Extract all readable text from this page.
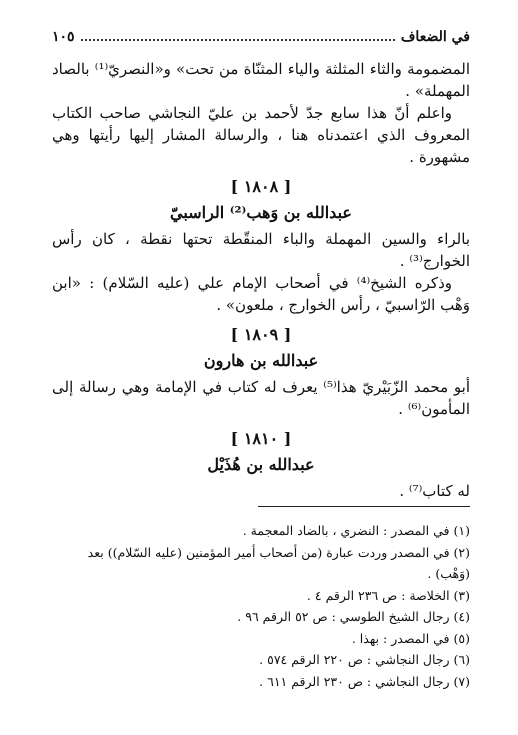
في الضعاف
١٠٥

المضمومة والثاء المثلثة والياء المثنّاة من تحت» و«النصريّ⁽¹⁾ بالصاد المهملة» .

واعلم أنّ هذا سابع جدّ لأحمد بن عليّ النجاشي صاحب الكتاب المعروف الذي اعتمدناه هنا ، والرسالة المشار إليها رأيتها وهي مشهورة .

[ ١٨٠٨ ]
عبدالله بن وَهب⁽²⁾ الراسبيّ

بالراء والسين المهملة والباء المنقّطة تحتها نقطة ، كان رأس الخوارج⁽³⁾ .

وذكره الشيخ⁽⁴⁾ في أصحاب الإمام علي (عليه السّلام) : «ابن وَهْب الرّاسبيّ ، رأس الخوارج ، ملعون» .

[ ١٨٠٩ ]
عبدالله بن هارون

أبو محمد الزّبَيْريّ هذا⁽⁵⁾ يعرف له كتاب في الإمامة وهي رسالة إلى المأمون⁽⁶⁾ .

[ ١٨١٠ ]
عبدالله بن هُذَيْل

له كتاب⁽⁷⁾ .

(١) في المصدر : النضري ، بالضاد المعجمة .
(٢) في المصدر وردت عبارة (من أصحاب أمير المؤمنين (عليه السّلام)) بعد (وَهْب) .
(٣) الخلاصة : ص ٢٣٦ الرقم ٤ .
(٤) رجال الشيخ الطوسي : ص ٥٢ الرقم ٩٦ .
(٥) في المصدر : بهذا .
(٦) رجال النجاشي : ص ٢٢٠ الرقم ٥٧٤ .
(٧) رجال النجاشي : ص ٢٣٠ الرقم ٦١١ .
